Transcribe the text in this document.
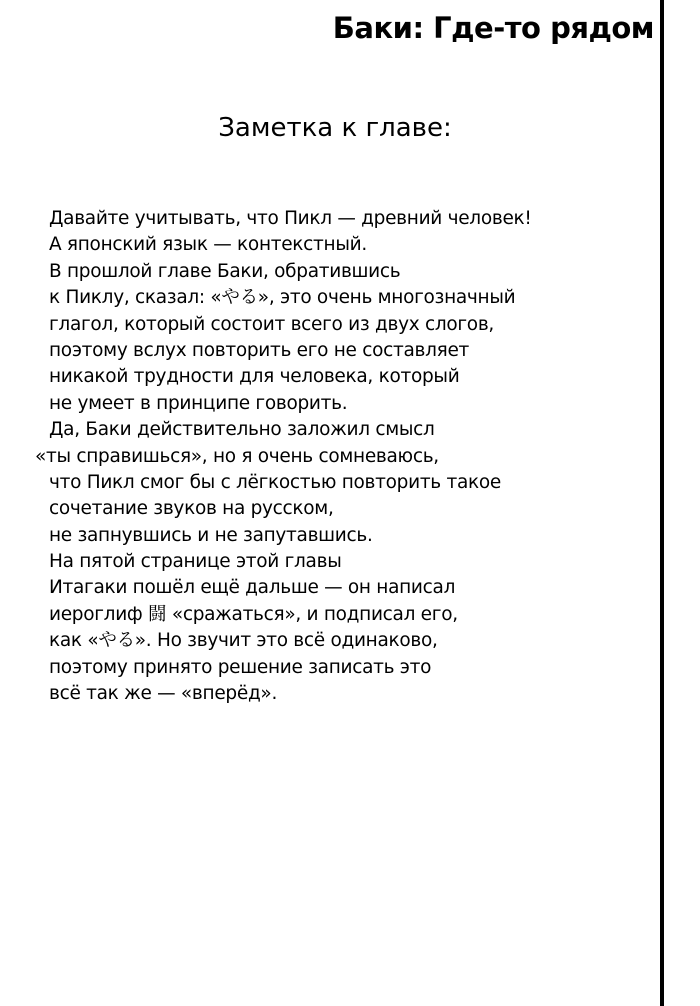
Баки: Где-то рядом
Заметка к главе:
Давайте учитывать, что Пикл — древний человек!
А японский язык — контекстный.
В прошлой главе Баки, обратившись
к Пиклу, сказал: «やる», это очень многозначный
глагол, который состоит всего из двух слогов,
поэтому вслух повторить его не составляет
никакой трудности для человека, который
не умеет в принципе говорить.
Да, Баки действительно заложил смысл
«ты справишься», но я очень сомневаюсь,
что Пикл смог бы с лёгкостью повторить такое
сочетание звуков на русском,
не запнувшись и не запутавшись.
На пятой странице этой главы
Итагаки пошёл ещё дальше — он написал
иероглиф 闘 «сражаться», и подписал его,
как «やる». Но звучит это всё одинаково,
поэтому принято решение записать это
всё так же — «вперёд».
